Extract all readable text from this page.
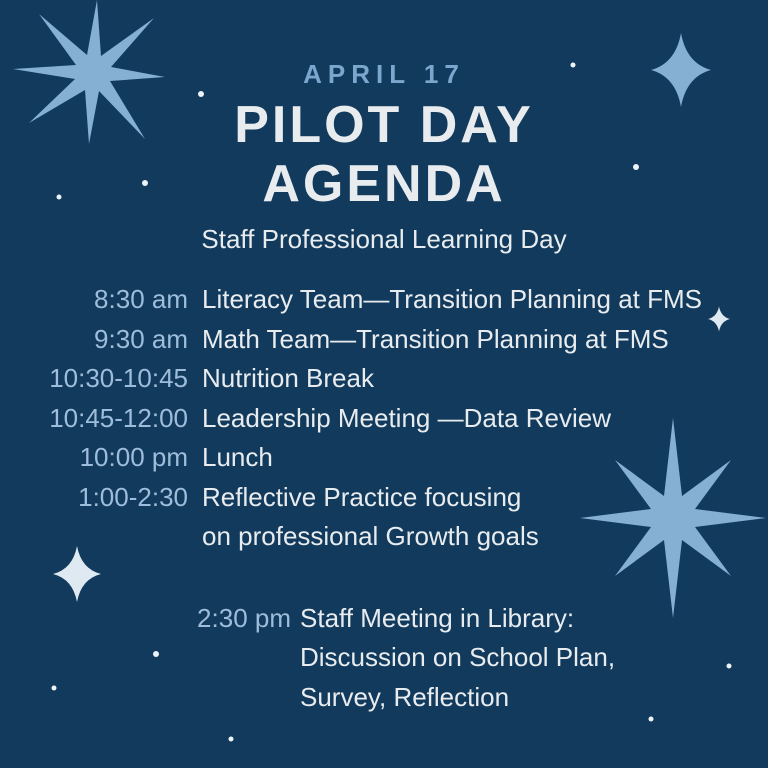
APRIL 17
PILOT DAY
AGENDA
Staff Professional Learning Day
8:30 am Literacy Team—Transition Planning at FMS
9:30 am Math Team—Transition Planning at FMS
10:30-10:45 Nutrition Break
10:45-12:00 Leadership Meeting —Data Review
10:00 pm Lunch
1:00-2:30 Reflective Practice focusing
on professional Growth goals
2:30 pm Staff Meeting in Library:
Discussion on School Plan,
Survey, Reflection
